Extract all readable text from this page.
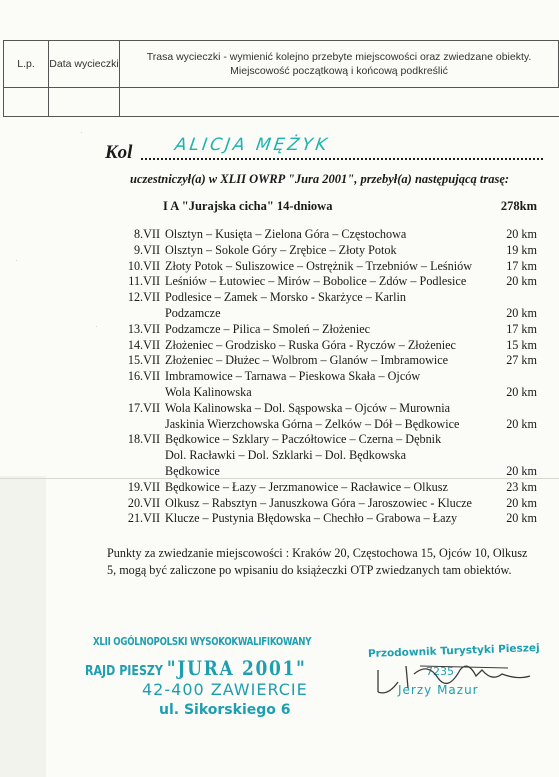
·
·
·
L.p.	Data wycieczki	Trasa wycieczki - wymienić kolejno przebyte miejscowości oraz zwiedzane obiekty. Miejscowość początkową i końcową podkreślić

Kol ALICJA MĘŻYK
uczestniczył(a) w XLII OWRP "Jura 2001", przebył(a) następującą trasę:
I A "Jurajska cicha" 14-dniowa	278km
8.VII Olsztyn – Kusięta – Zielona Góra – Częstochowa	20 km
9.VII Olsztyn – Sokole Góry – Zrębice – Złoty Potok	19 km
10.VII Złoty Potok – Suliszowice – Ostrężnik – Trzebniów – Leśniów	17 km
11.VII Leśniów – Łutowiec – Mirów – Bobolice – Zdów – Podlesice	20 km
12.VII Podlesice – Zamek – Morsko - Skarżyce – Karlin
Podzamcze	20 km
13.VII Podzamcze – Pilica – Smoleń – Złożeniec	17 km
14.VII Złożeniec – Grodzisko – Ruska Góra - Ryczów – Złożeniec	15 km
15.VII Złożeniec – Dłużec – Wolbrom – Glanów – Imbramowice	27 km
16.VII Imbramowice – Tarnawa – Pieskowa Skała – Ojców
Wola Kalinowska	20 km
17.VII Wola Kalinowska – Dol. Sąspowska – Ojców – Murownia
Jaskinia Wierzchowska Górna – Zelków – Dół – Będkowice	20 km
18.VII Będkowice – Szklary – Paczółtowice – Czerna – Dębnik
Dol. Racławki – Dol. Szklarki – Dol. Będkowska
Będkowice	20 km
19.VII Będkowice – Łazy – Jerzmanowice – Racławice – Olkusz	23 km
20.VII Olkusz – Rabsztyn – Januszkowa Góra – Jaroszowiec - Klucze	20 km
21.VII Klucze – Pustynia Błędowska – Chechło – Grabowa – Łazy	20 km
Punkty za zwiedzanie miejscowości : Kraków 20, Częstochowa 15, Ojców 10, Olkusz 5, mogą być zaliczone po wpisaniu do książeczki OTP zwiedzanych tam obiektów.
XLII OGÓLNOPOLSKI WYSOKOKWALIFIKOWANY
RAJD PIESZY "JURA 2001"
42-400 ZAWIERCIE
ul. Sikorskiego 6
Przodownik Turystyki Pieszej
7235
Jerzy Mazur
